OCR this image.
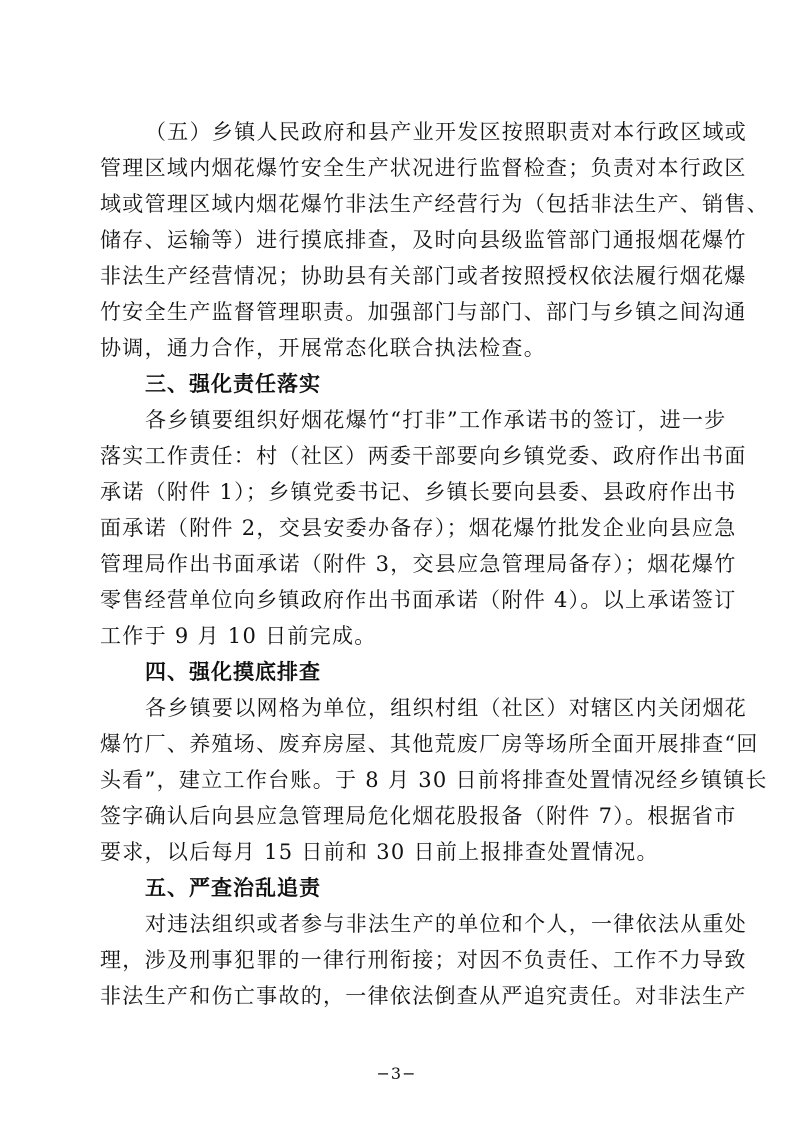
（五）乡镇人民政府和县产业开发区按照职责对本行政区域或
管理区域内烟花爆竹安全生产状况进行监督检查；负责对本行政区
域或管理区域内烟花爆竹非法生产经营行为（包括非法生产、销售、
储存、运输等）进行摸底排查，及时向县级监管部门通报烟花爆竹
非法生产经营情况；协助县有关部门或者按照授权依法履行烟花爆
竹安全生产监督管理职责。加强部门与部门、部门与乡镇之间沟通
协调，通力合作，开展常态化联合执法检查。
三、强化责任落实
各乡镇要组织好烟花爆竹“打非”工作承诺书的签订，进一步
落实工作责任：村（社区）两委干部要向乡镇党委、政府作出书面
承诺（附件 1）；乡镇党委书记、乡镇长要向县委、县政府作出书
面承诺（附件 2，交县安委办备存）；烟花爆竹批发企业向县应急
管理局作出书面承诺（附件 3，交县应急管理局备存）；烟花爆竹
零售经营单位向乡镇政府作出书面承诺（附件 4）。以上承诺签订
工作于 9 月 10 日前完成。
四、强化摸底排查
各乡镇要以网格为单位，组织村组（社区）对辖区内关闭烟花
爆竹厂、养殖场、废弃房屋、其他荒废厂房等场所全面开展排查“回
头看”，建立工作台账。于 8 月 30 日前将排查处置情况经乡镇镇长
签字确认后向县应急管理局危化烟花股报备（附件 7）。根据省市
要求，以后每月 15 日前和 30 日前上报排查处置情况。
五、严查治乱追责
对违法组织或者参与非法生产的单位和个人，一律依法从重处
理，涉及刑事犯罪的一律行刑衔接；对因不负责任、工作不力导致
非法生产和伤亡事故的，一律依法倒查从严追究责任。对非法生产
−3−
